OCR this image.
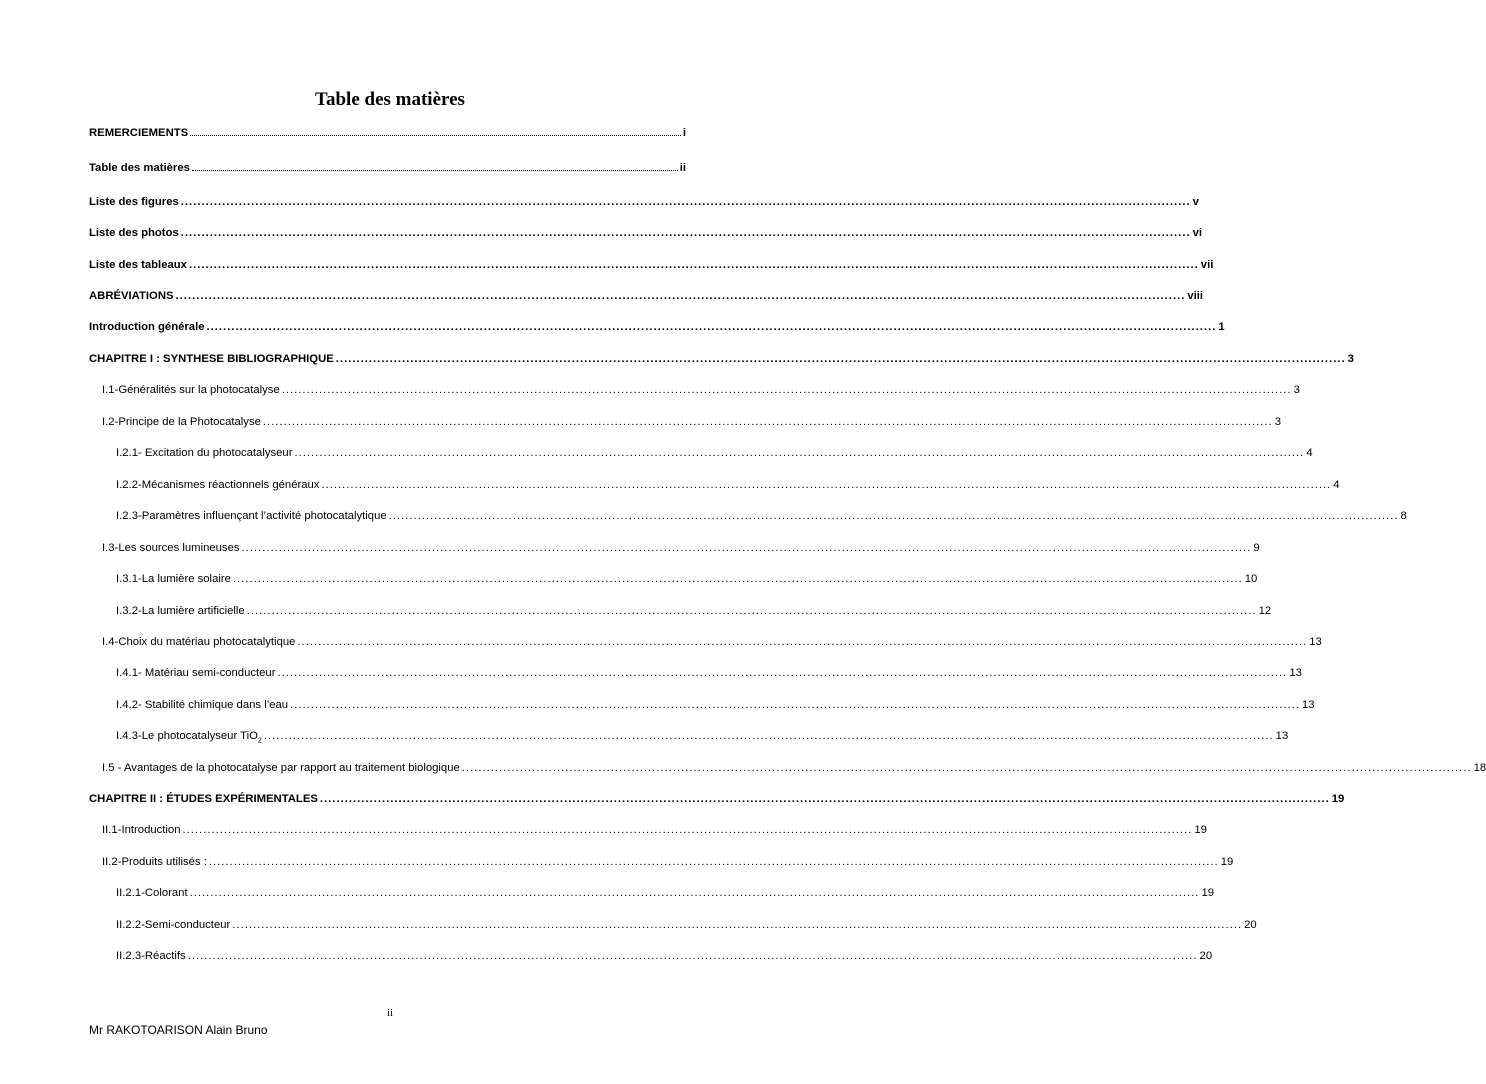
Table des matières
REMERCIEMENTS	i
Table des matières	ii
Liste des figures .................................................................................................................................................................................................................................................... v
Liste des photos .................................................................................................................................................................................................................................................... vi
Liste des tableaux .................................................................................................................................................................................................................................................... vii
ABRÉVIATIONS .................................................................................................................................................................................................................................................... viii
Introduction générale .................................................................................................................................................................................................................................................... 1
CHAPITRE I : SYNTHESE BIBLIOGRAPHIQUE .................................................................................................................................................................................................................................................... 3
I.1-Généralités sur la photocatalyse .................................................................................................................................................................................................................................................... 3
I.2-Principe de la Photocatalyse .................................................................................................................................................................................................................................................... 3
I.2.1- Excitation du photocatalyseur .................................................................................................................................................................................................................................................... 4
I.2.2-Mécanismes réactionnels généraux .................................................................................................................................................................................................................................................... 4
I.2.3-Paramètres influençant l’activité photocatalytique .................................................................................................................................................................................................................................................... 8
I.3-Les sources lumineuses .................................................................................................................................................................................................................................................... 9
I.3.1-La lumière solaire .................................................................................................................................................................................................................................................... 10
I.3.2-La lumière artificielle .................................................................................................................................................................................................................................................... 12
I.4-Choix du matériau photocatalytique .................................................................................................................................................................................................................................................... 13
I.4.1- Matériau semi-conducteur .................................................................................................................................................................................................................................................... 13
I.4.2- Stabilité chimique dans l’eau .................................................................................................................................................................................................................................................... 13
I.4.3-Le photocatalyseur TiO$_2$ .................................................................................................................................................................................................................................................... 13
I.5 - Avantages de la photocatalyse par rapport au traitement biologique .................................................................................................................................................................................................................................................... 18
CHAPITRE II : ÉTUDES EXPÉRIMENTALES .................................................................................................................................................................................................................................................... 19
II.1-Introduction .................................................................................................................................................................................................................................................... 19
II.2-Produits utilisés : .................................................................................................................................................................................................................................................... 19
II.2.1-Colorant .................................................................................................................................................................................................................................................... 19
II.2.2-Semi-conducteur .................................................................................................................................................................................................................................................... 20
II.2.3-Réactifs .................................................................................................................................................................................................................................................... 20
ii
Mr RAKOTOARISON Alain Bruno
